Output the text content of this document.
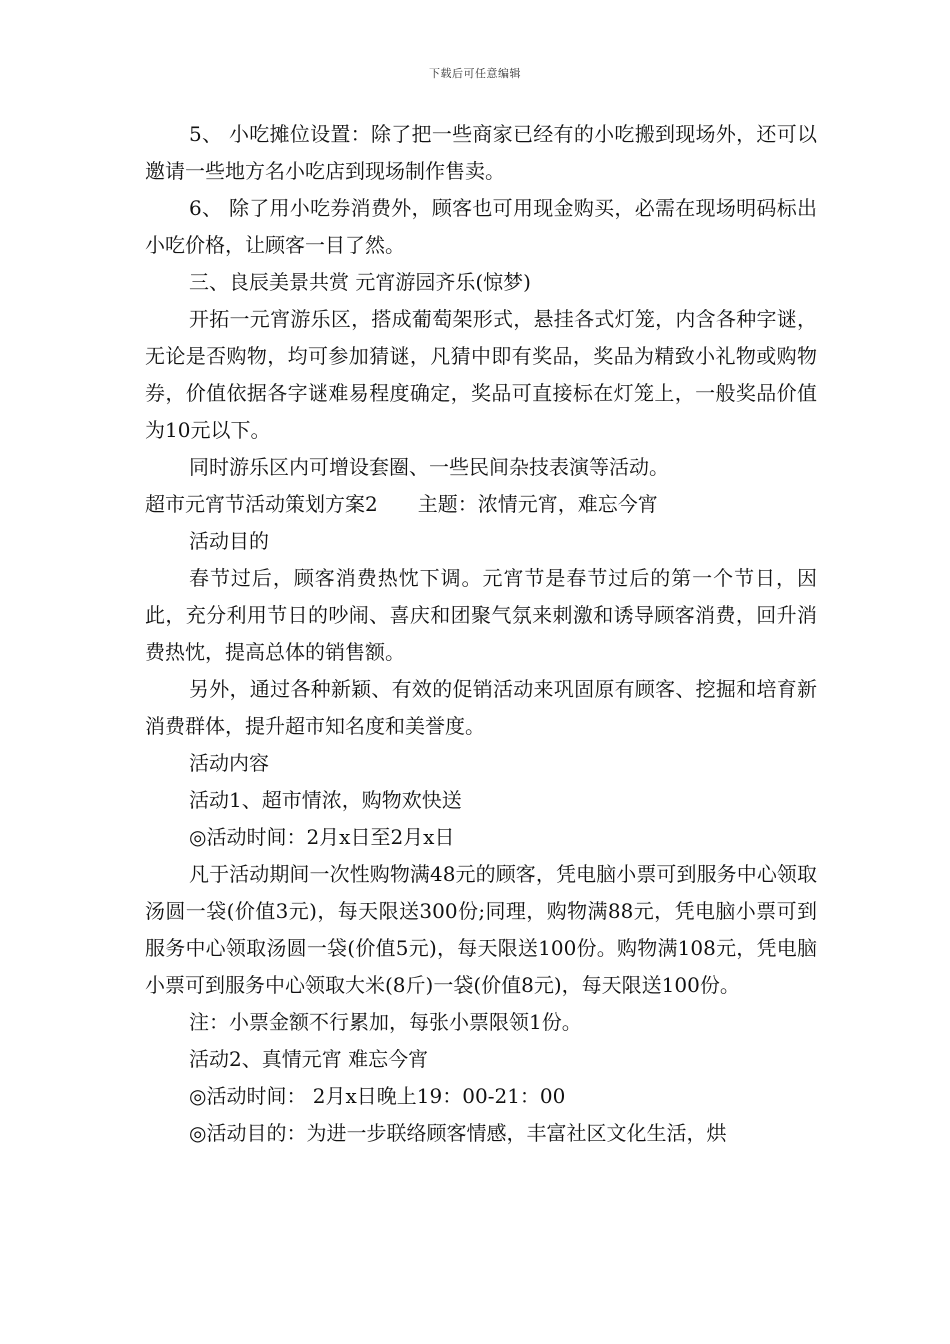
下载后可任意编辑

5、 小吃摊位设置：除了把一些商家已经有的小吃搬到现场外，还可以邀请一些地方名小吃店到现场制作售卖。

6、 除了用小吃券消费外，顾客也可用现金购买，必需在现场明码标出小吃价格，让顾客一目了然。

三、良辰美景共赏 元宵游园齐乐(惊梦)

开拓一元宵游乐区，搭成葡萄架形式，悬挂各式灯笼，内含各种字谜，无论是否购物，均可参加猜谜，凡猜中即有奖品，奖品为精致小礼物或购物券，价值依据各字谜难易程度确定，奖品可直接标在灯笼上，一般奖品价值为10元以下。

同时游乐区内可增设套圈、一些民间杂技表演等活动。

超市元宵节活动策划方案2 主题：浓情元宵，难忘今宵

活动目的

春节过后，顾客消费热忱下调。元宵节是春节过后的第一个节日，因此，充分利用节日的吵闹、喜庆和团聚气氛来刺激和诱导顾客消费，回升消费热忱，提高总体的销售额。

另外，通过各种新颖、有效的促销活动来巩固原有顾客、挖掘和培育新消费群体，提升超市知名度和美誉度。

活动内容

活动1、超市情浓，购物欢快送

◎活动时间：2月x日至2月x日

凡于活动期间一次性购物满48元的顾客，凭电脑小票可到服务中心领取汤圆一袋(价值3元)，每天限送300份;同理，购物满88元，凭电脑小票可到服务中心领取汤圆一袋(价值5元)，每天限送100份。购物满108元，凭电脑小票可到服务中心领取大米(8斤)一袋(价值8元)，每天限送100份。

注：小票金额不行累加，每张小票限领1份。

活动2、真情元宵 难忘今宵

◎活动时间： 2月x日晚上19：00-21：00

◎活动目的：为进一步联络顾客情感，丰富社区文化生活，烘
